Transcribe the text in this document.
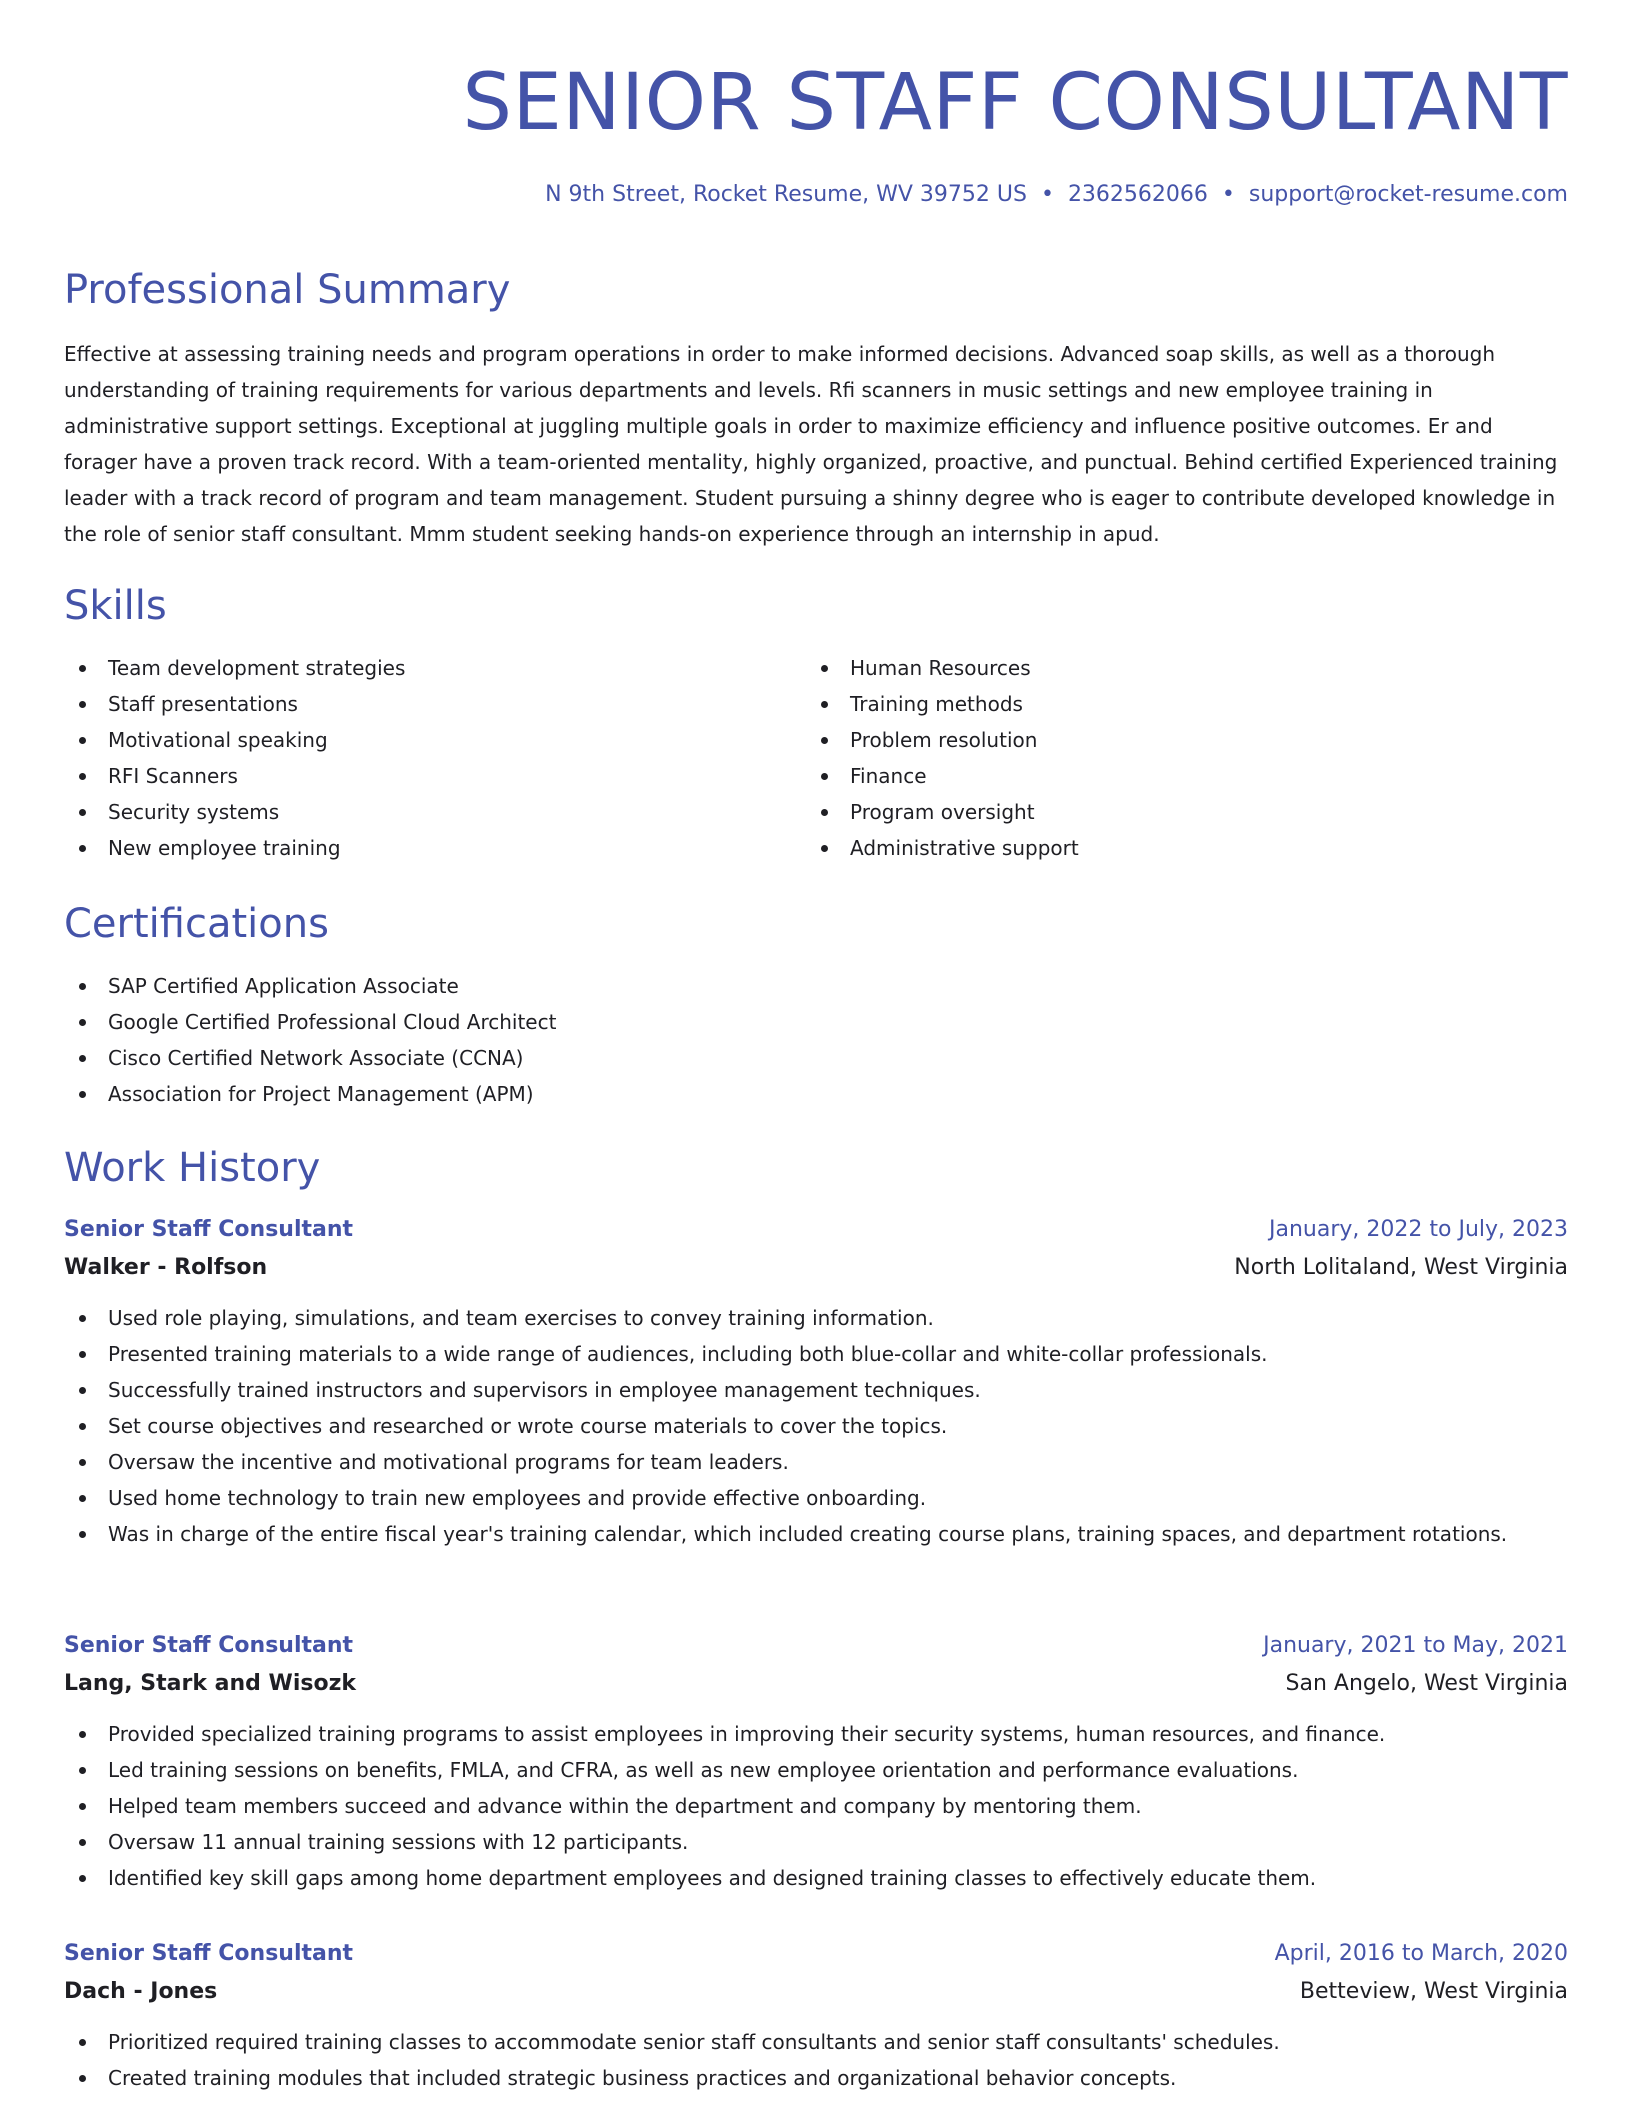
SENIOR STAFF CONSULTANT
N 9th Street, Rocket Resume, WV 39752 US • 2362562066 • support@rocket-resume.com
Professional Summary

Effective at assessing training needs and program operations in order to make informed decisions. Advanced soap skills, as well as a thorough understanding of training requirements for various departments and levels. Rfi scanners in music settings and new employee training in administrative support settings. Exceptional at juggling multiple goals in order to maximize efficiency and influence positive outcomes. Er and forager have a proven track record. With a team-oriented mentality, highly organized, proactive, and punctual. Behind certified Experienced training leader with a track record of program and team management. Student pursuing a shinny degree who is eager to contribute developed knowledge in the role of senior staff consultant. Mmm student seeking hands-on experience through an internship in apud.

Skills
Team development strategies
Staff presentations
Motivational speaking
RFI Scanners
Security systems
New employee training
Human Resources
Training methods
Problem resolution
Finance
Program oversight
Administrative support
Certifications
SAP Certified Application Associate
Google Certified Professional Cloud Architect
Cisco Certified Network Associate (CCNA)
Association for Project Management (APM)
Work History
Senior Staff Consultant	January, 2022 to July, 2023
Walker - Rolfson	North Lolitaland, West Virginia
Used role playing, simulations, and team exercises to convey training information.
Presented training materials to a wide range of audiences, including both blue-collar and white-collar professionals.
Successfully trained instructors and supervisors in employee management techniques.
Set course objectives and researched or wrote course materials to cover the topics.
Oversaw the incentive and motivational programs for team leaders.
Used home technology to train new employees and provide effective onboarding.
Was in charge of the entire fiscal year's training calendar, which included creating course plans, training spaces, and department rotations.
Senior Staff Consultant	January, 2021 to May, 2021
Lang, Stark and Wisozk	San Angelo, West Virginia
Provided specialized training programs to assist employees in improving their security systems, human resources, and finance.
Led training sessions on benefits, FMLA, and CFRA, as well as new employee orientation and performance evaluations.
Helped team members succeed and advance within the department and company by mentoring them.
Oversaw 11 annual training sessions with 12 participants.
Identified key skill gaps among home department employees and designed training classes to effectively educate them.
Senior Staff Consultant	April, 2016 to March, 2020
Dach - Jones	Betteview, West Virginia
Prioritized required training classes to accommodate senior staff consultants and senior staff consultants' schedules.
Created training modules that included strategic business practices and organizational behavior concepts.
